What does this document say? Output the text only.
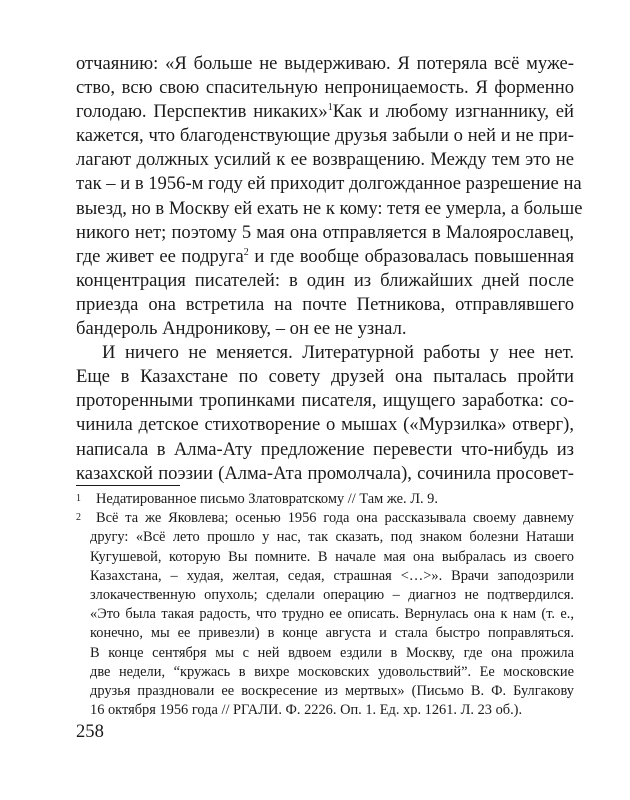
отчаянию: «Я больше не выдерживаю. Я потеряла всё муже-
ство, всю свою спасительную непроницаемость. Я форменно
голодаю. Перспектив никаких»$^1$Как и любому изгнаннику, ей
кажется, что благоденствующие друзья забыли о ней и не при-
лагают должных усилий к ее возвращению. Между тем это не
так – и в 1956-м году ей приходит долгожданное разрешение на
выезд, но в Москву ей ехать не к кому: тетя ее умерла, а больше
никого нет; поэтому 5 мая она отправляется в Малоярославец,
где живет ее подруга$^2$ и где вообще образовалась повышенная
концентрация писателей: в один из ближайших дней после
приезда она встретила на почте Петникова, отправлявшего
бандероль Андроникову, – он ее не узнал.
И ничего не меняется. Литературной работы у нее нет.
Еще в Казахстане по совету друзей она пыталась пройти
проторенными тропинками писателя, ищущего заработка: со-
чинила детское стихотворение о мышах («Мурзилка» отверг),
написала в Алма-Ату предложение перевести что-нибудь из
казахской поэзии (Алма-Ата промолчала), сочинила просовет-
1	Недатированное письмо Златовратскому // Там же. Л. 9.
2	Всё та же Яковлева; осенью 1956 года она рассказывала своему давнему
другу: «Всё лето прошло у нас, так сказать, под знаком болезни Наташи
Кугушевой, которую Вы помните. В начале мая она выбралась из своего
Казахстана, – худая, желтая, седая, страшная <…>». Врачи заподозрили
злокачественную опухоль; сделали операцию – диагноз не подтвердился.
«Это была такая радость, что трудно ее описать. Вернулась она к нам (т. е.,
конечно, мы ее привезли) в конце августа и стала быстро поправляться.
В конце сентября мы с ней вдвоем ездили в Москву, где она прожила
две недели, “кружась в вихре московских удовольствий”. Ее московские
друзья праздновали ее воскресение из мертвых» (Письмо В. Ф. Булгакову
16 октября 1956 года // РГАЛИ. Ф. 2226. Оп. 1. Ед. хр. 1261. Л. 23 об.).
258
